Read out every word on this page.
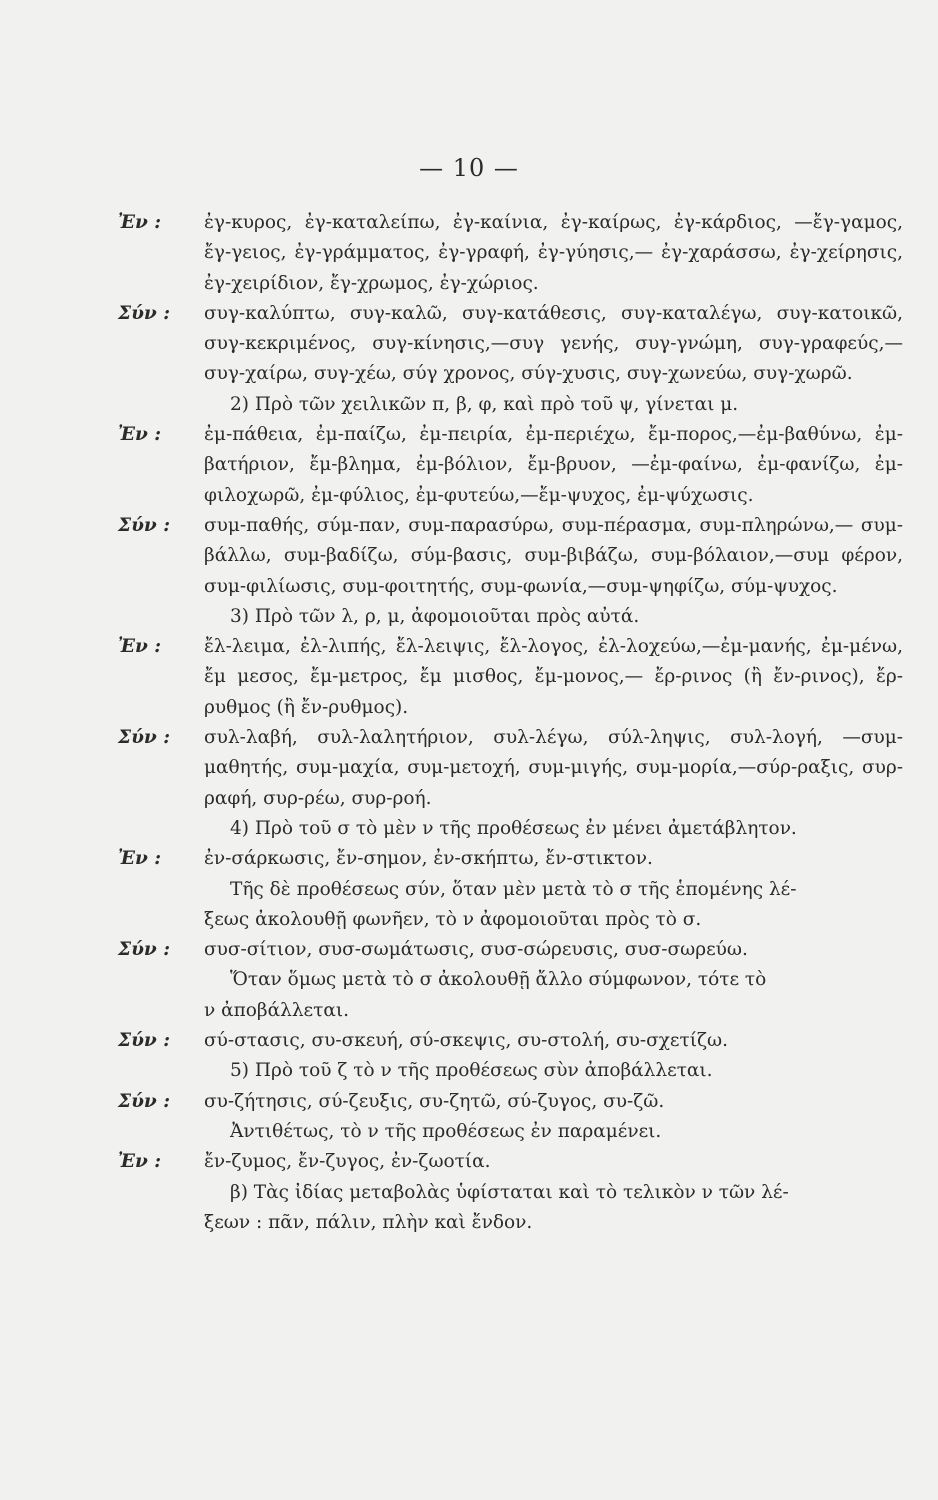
— 10 —
Ἐν :	ἐγ-κυρος, ἐγ-καταλείπω, ἐγ-καίνια, ἐγ-καίρως, ἐγ-κάρδιος, —ἔγ-γαμος, ἔγ-γειος, ἐγ-γράμματος, ἐγ-γραφή, ἐγ-γύησις,— ἐγ-χαράσσω, ἐγ-χείρησις, ἐγ-χειρίδιον, ἔγ-χρωμος, ἐγ-χώριος.
Σύν :	συγ-καλύπτω, συγ-καλῶ, συγ-κατάθεσις, συγ-καταλέγω, συγ-κατοικῶ, συγ-κεκριμένος, συγ-κίνησις,—συγ γενής, συγ-γνώμη, συγ-γραφεύς,—συγ-χαίρω, συγ-χέω, σύγ χρονος, σύγ-χυσις, συγ-χωνεύω, συγ-χωρῶ.
2) Πρὸ τῶν χειλικῶν π, β, φ, καὶ πρὸ τοῦ ψ, γίνεται μ.
Ἐν :	ἐμ-πάθεια, ἐμ-παίζω, ἐμ-πειρία, ἐμ-περιέχω, ἔμ-πορος,—ἐμ-βαθύνω, ἐμ-βατήριον, ἔμ-βλημα, ἐμ-βόλιον, ἔμ-βρυον, —ἐμ-φαίνω, ἐμ-φανίζω, ἐμ-φιλοχωρῶ, ἐμ-φύλιος, ἐμ-φυτεύω,—ἔμ-ψυχος, ἐμ-ψύχωσις.
Σύν :	συμ-παθής, σύμ-παν, συμ-παρασύρω, συμ-πέρασμα, συμ-πληρώνω,— συμ-βάλλω, συμ-βαδίζω, σύμ-βασις, συμ-βιβάζω, συμ-βόλαιον,—συμ φέρον, συμ-φιλίωσις, συμ-φοιτητής, συμ-φωνία,—συμ-ψηφίζω, σύμ-ψυχος.
3) Πρὸ τῶν λ, ρ, μ, ἀφομοιοῦται πρὸς αὐτά.
Ἐν :	ἔλ-λειμα, ἐλ-λιπής, ἔλ-λειψις, ἔλ-λογος, ἐλ-λοχεύω,—ἐμ-μανής, ἐμ-μένω, ἔμ μεσος, ἔμ-μετρος, ἔμ μισθος, ἔμ-μονος,— ἔρ-ρινος (ἢ ἔν-ρινος), ἔρ-ρυθμος (ἢ ἔν-ρυθμος).
Σύν :	συλ-λαβή, συλ-λαλητήριον, συλ-λέγω, σύλ-ληψις, συλ-λογή, —συμ-μαθητής, συμ-μαχία, συμ-μετοχή, συμ-μιγής, συμ-μορία,—σύρ-ραξις, συρ-ραφή, συρ-ρέω, συρ-ροή.
4) Πρὸ τοῦ σ τὸ μὲν ν τῆς προθέσεως ἐν μένει ἀμετάβλητον.
Ἐν :	ἐν-σάρκωσις, ἔν-σημον, ἐν-σκήπτω, ἔν-στικτον.
Τῆς δὲ προθέσεως σύν, ὅταν μὲν μετὰ τὸ σ τῆς ἑπομένης λέ-
ξεως ἀκολουθῇ φωνῆεν, τὸ ν ἀφομοιοῦται πρὸς τὸ σ.
Σύν :	συσ-σίτιον, συσ-σωμάτωσις, συσ-σώρευσις, συσ-σωρεύω.
Ὅταν ὅμως μετὰ τὸ σ ἀκολουθῇ ἄλλο σύμφωνον, τότε τὸ
ν ἀποβάλλεται.
Σύν :	σύ-στασις, συ-σκευή, σύ-σκεψις, συ-στολή, συ-σχετίζω.
5) Πρὸ τοῦ ζ τὸ ν τῆς προθέσεως σὺν ἀποβάλλεται.
Σύν :	συ-ζήτησις, σύ-ζευξις, συ-ζητῶ, σύ-ζυγος, συ-ζῶ.
Ἀντιθέτως, τὸ ν τῆς προθέσεως ἐν παραμένει.
Ἐν :	ἔν-ζυμος, ἔν-ζυγος, ἐν-ζωοτία.
β) Τὰς ἰδίας μεταβολὰς ὑφίσταται καὶ τὸ τελικὸν ν τῶν λέ-
ξεων : πᾶν, πάλιν, πλὴν καὶ ἔνδον.
